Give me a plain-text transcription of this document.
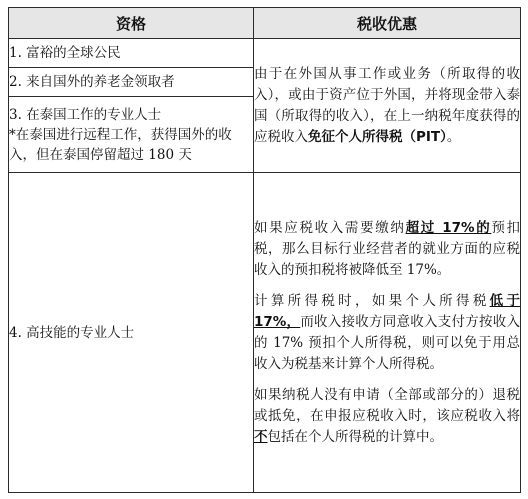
资格	税收优惠
1. 富裕的全球公民	由于在外国从事工作或业务（所取得的收入），或由于资产位于外国，并将现金带入泰国（所取得的收入），在上一纳税年度获得的应税收入免征个人所得税（PIT）。
2. 来自国外的养老金领取者	

3. 在泰国工作的专业人士
*在泰国进行远程工作，获得国外的收入，但在泰国停留超过 180 天	

4. 高技能的专业人士	如果应税收入需要缴纳超过 17%的预扣税，那么目标行业经营者的就业方面的应税收入的预扣税将被降低至 17%。

计算所得税时，如果个人所得税低于 17%，而收入接收方同意收入支付方按收入的 17% 预扣个人所得税，则可以免于用总收入为税基来计算个人所得税。

如果纳税人没有申请（全部或部分的）退税或抵免，在申报应税收入时，该应税收入将不包括在个人所得税的计算中。
